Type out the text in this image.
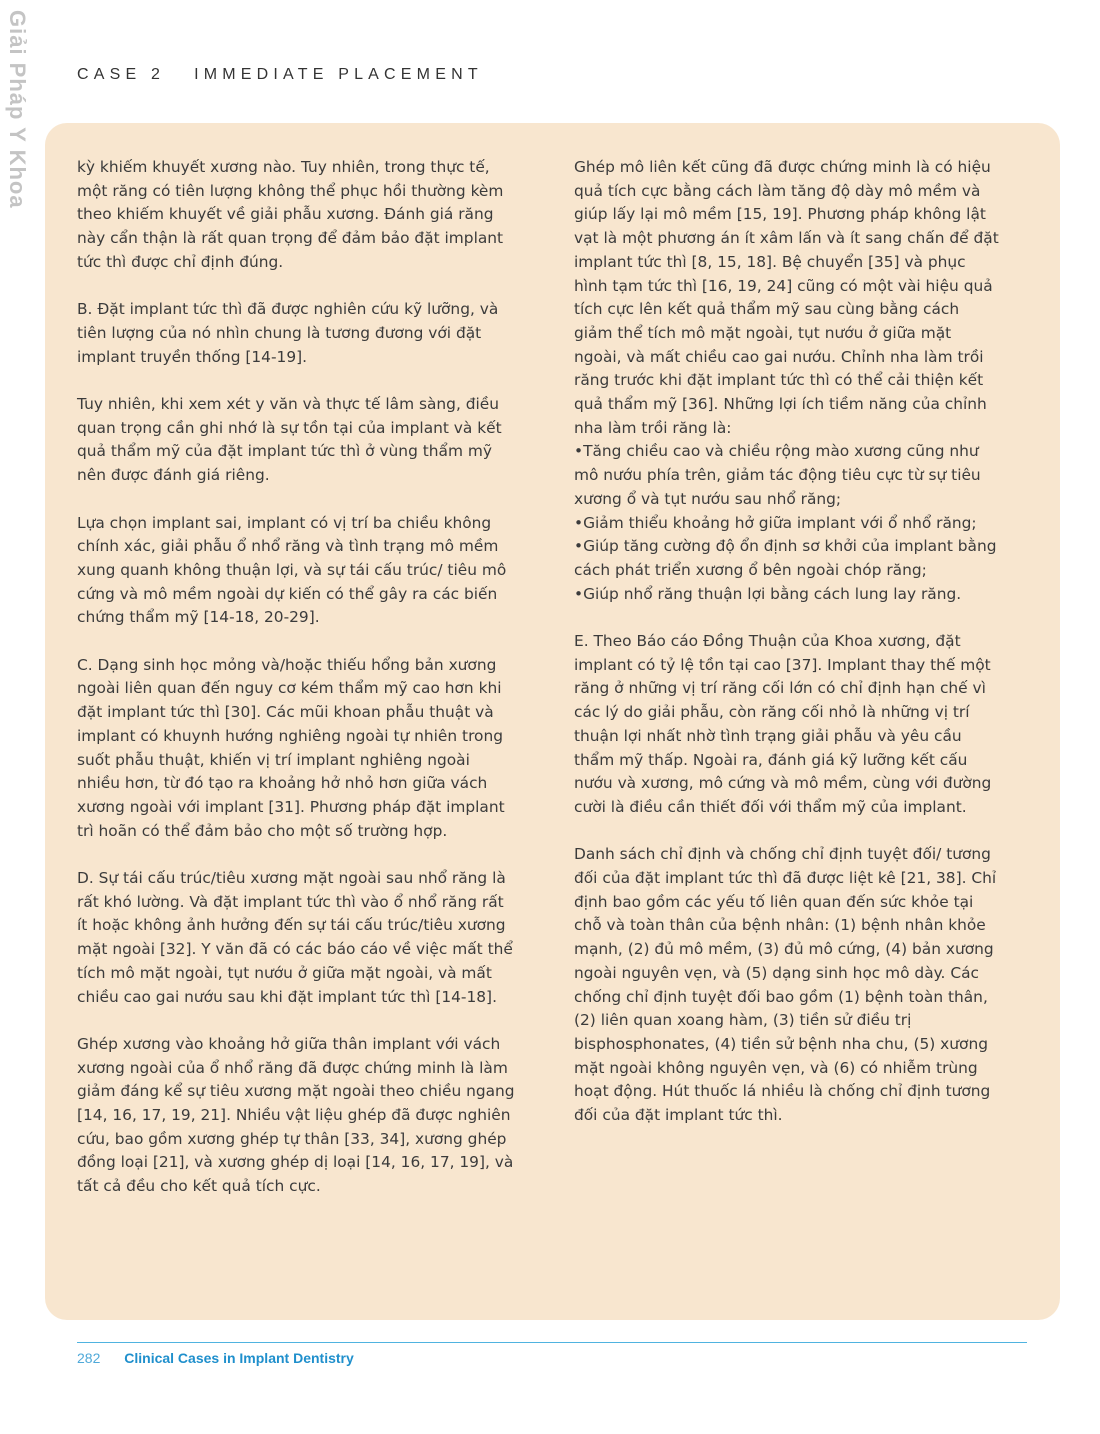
Giải Pháp Y Khoa	CASE 2 IMMEDIATE PLACEMENT

kỳ khiếm khuyết xương nào. Tuy nhiên, trong thực tế, một răng có tiên lượng không thể phục hồi thường kèm theo khiếm khuyết về giải phẫu xương. Đánh giá răng này cẩn thận là rất quan trọng để đảm bảo đặt implant tức thì được chỉ định đúng.

B. Đặt implant tức thì đã được nghiên cứu kỹ lưỡng, và tiên lượng của nó nhìn chung là tương đương với đặt implant truyền thống [14-19].

Tuy nhiên, khi xem xét y văn và thực tế lâm sàng, điều quan trọng cần ghi nhớ là sự tồn tại của implant và kết quả thẩm mỹ của đặt implant tức thì ở vùng thẩm mỹ nên được đánh giá riêng.

Lựa chọn implant sai, implant có vị trí ba chiều không chính xác, giải phẫu ổ nhổ răng và tình trạng mô mềm xung quanh không thuận lợi, và sự tái cấu trúc/ tiêu mô cứng và mô mềm ngoài dự kiến có thể gây ra các biến chứng thẩm mỹ [14-18, 20-29].

C. Dạng sinh học mỏng và/hoặc thiếu hổng bản xương ngoài liên quan đến nguy cơ kém thẩm mỹ cao hơn khi đặt implant tức thì [30]. Các mũi khoan phẫu thuật và implant có khuynh hướng nghiêng ngoài tự nhiên trong suốt phẫu thuật, khiến vị trí implant nghiêng ngoài nhiều hơn, từ đó tạo ra khoảng hở nhỏ hơn giữa vách xương ngoài với implant [31]. Phương pháp đặt implant trì hoãn có thể đảm bảo cho một số trường hợp.

D. Sự tái cấu trúc/tiêu xương mặt ngoài sau nhổ răng là rất khó lường. Và đặt implant tức thì vào ổ nhổ răng rất ít hoặc không ảnh hưởng đến sự tái cấu trúc/tiêu xương mặt ngoài [32]. Y văn đã có các báo cáo về việc mất thể tích mô mặt ngoài, tụt nướu ở giữa mặt ngoài, và mất chiều cao gai nướu sau khi đặt implant tức thì [14-18].

Ghép xương vào khoảng hở giữa thân implant với vách xương ngoài của ổ nhổ răng đã được chứng minh là làm giảm đáng kể sự tiêu xương mặt ngoài theo chiều ngang [14, 16, 17, 19, 21]. Nhiều vật liệu ghép đã được nghiên cứu, bao gồm xương ghép tự thân [33, 34], xương ghép đồng loại [21], và xương ghép dị loại [14, 16, 17, 19], và tất cả đều cho kết quả tích cực.

Ghép mô liên kết cũng đã được chứng minh là có hiệu quả tích cực bằng cách làm tăng độ dày mô mềm và giúp lấy lại mô mềm [15, 19]. Phương pháp không lật vạt là một phương án ít xâm lấn và ít sang chấn để đặt implant tức thì [8, 15, 18]. Bệ chuyển [35] và phục hình tạm tức thì [16, 19, 24] cũng có một vài hiệu quả tích cực lên kết quả thẩm mỹ sau cùng bằng cách giảm thể tích mô mặt ngoài, tụt nướu ở giữa mặt ngoài, và mất chiều cao gai nướu. Chỉnh nha làm trồi răng trước khi đặt implant tức thì có thể cải thiện kết quả thẩm mỹ [36]. Những lợi ích tiềm năng của chỉnh nha làm trồi răng là:

• Tăng chiều cao và chiều rộng mào xương cũng như mô nướu phía trên, giảm tác động tiêu cực từ sự tiêu xương ổ và tụt nướu sau nhổ răng;
• Giảm thiểu khoảng hở giữa implant với ổ nhổ răng;
• Giúp tăng cường độ ổn định sơ khởi của implant bằng cách phát triển xương ổ bên ngoài chóp răng;
• Giúp nhổ răng thuận lợi bằng cách lung lay răng.

E. Theo Báo cáo Đồng Thuận của Khoa xương, đặt implant có tỷ lệ tồn tại cao [37]. Implant thay thế một răng ở những vị trí răng cối lớn có chỉ định hạn chế vì các lý do giải phẫu, còn răng cối nhỏ là những vị trí thuận lợi nhất nhờ tình trạng giải phẫu và yêu cầu thẩm mỹ thấp. Ngoài ra, đánh giá kỹ lưỡng kết cấu nướu và xương, mô cứng và mô mềm, cùng với đường cười là điều cần thiết đối với thẩm mỹ của implant.

Danh sách chỉ định và chống chỉ định tuyệt đối/ tương đối của đặt implant tức thì đã được liệt kê [21, 38]. Chỉ định bao gồm các yếu tố liên quan đến sức khỏe tại chỗ và toàn thân của bệnh nhân: (1) bệnh nhân khỏe mạnh, (2) đủ mô mềm, (3) đủ mô cứng, (4) bản xương ngoài nguyên vẹn, và (5) dạng sinh học mô dày. Các chống chỉ định tuyệt đối bao gồm (1) bệnh toàn thân, (2) liên quan xoang hàm, (3) tiền sử điều trị bisphosphonates, (4) tiền sử bệnh nha chu, (5) xương mặt ngoài không nguyên vẹn, và (6) có nhiễm trùng hoạt động. Hút thuốc lá nhiều là chống chỉ định tương đối của đặt implant tức thì.

282 Clinical Cases in Implant Dentistry
